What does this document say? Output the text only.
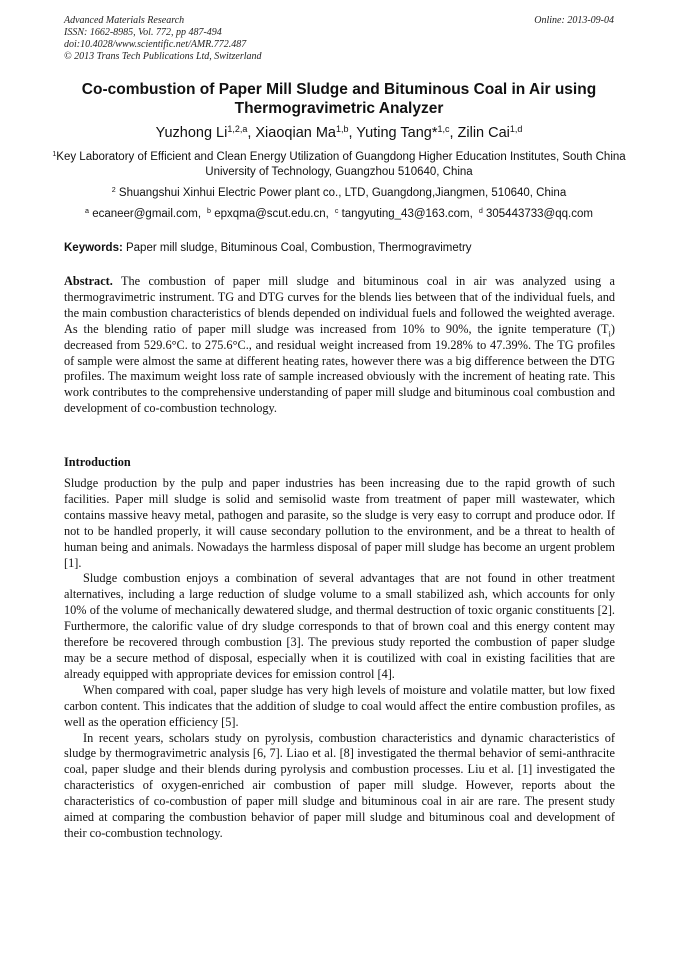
Advanced Materials Research
ISSN: 1662-8985, Vol. 772, pp 487-494
doi:10.4028/www.scientific.net/AMR.772.487
© 2013 Trans Tech Publications Ltd, Switzerland
Online: 2013-09-04
Co-combustion of Paper Mill Sludge and Bituminous Coal in Air using Thermogravimetric Analyzer
Yuzhong Li$^{1,2,a}$, Xiaoqian Ma$^{1,b}$, Yuting Tang*$^{1,c}$, Zilin Cai$^{1,d}$
$^1$Key Laboratory of Efficient and Clean Energy Utilization of Guangdong Higher Education Institutes, South China University of Technology, Guangzhou 510640, China
$^2$ Shuangshui Xinhui Electric Power plant co., LTD, Guangdong,Jiangmen, 510640, China
$^a$ ecaneer@gmail.com, $^b$ epxqma@scut.edu.cn, $^c$ tangyuting_43@163.com, $^d$ 305443733@qq.com
Keywords: Paper mill sludge, Bituminous Coal, Combustion, Thermogravimetry
Abstract. The combustion of paper mill sludge and bituminous coal in air was analyzed using a thermogravimetric instrument. TG and DTG curves for the blends lies between that of the individual fuels, and the main combustion characteristics of blends depended on individual fuels and followed the weighted average. As the blending ratio of paper mill sludge was increased from 10% to 90%, the ignite temperature $(T_i)$ decreased from 529.6°C. to 275.6°C., and residual weight increased from 19.28% to 47.39%. The TG profiles of sample were almost the same at different heating rates, however there was a big difference between the DTG profiles. The maximum weight loss rate of sample increased obviously with the increment of heating rate. This work contributes to the comprehensive understanding of paper mill sludge and bituminous coal combustion and development of co-combustion technology.
Introduction

Sludge production by the pulp and paper industries has been increasing due to the rapid growth of such facilities. Paper mill sludge is solid and semisolid waste from treatment of paper mill wastewater, which contains massive heavy metal, pathogen and parasite, so the sludge is very easy to corrupt and produce odor. If not to be handled properly, it will cause secondary pollution to the environment, and be a threat to health of human being and animals. Nowadays the harmless disposal of paper mill sludge has become an urgent problem [1].

Sludge combustion enjoys a combination of several advantages that are not found in other treatment alternatives, including a large reduction of sludge volume to a small stabilized ash, which accounts for only 10% of the volume of mechanically dewatered sludge, and thermal destruction of toxic organic constituents [2]. Furthermore, the calorific value of dry sludge corresponds to that of brown coal and this energy content may therefore be recovered through combustion [3]. The previous study reported the combustion of paper sludge may be a secure method of disposal, especially when it is coutilized with coal in existing facilities that are already equipped with appropriate devices for emission control [4].

When compared with coal, paper sludge has very high levels of moisture and volatile matter, but low fixed carbon content. This indicates that the addition of sludge to coal would affect the entire combustion profiles, as well as the operation efficiency [5].

In recent years, scholars study on pyrolysis, combustion characteristics and dynamic characteristics of sludge by thermogravimetric analysis [6, 7]. Liao et al. [8] investigated the thermal behavior of semi-anthracite coal, paper sludge and their blends during pyrolysis and combustion processes. Liu et al. [1] investigated the characteristics of oxygen-enriched air combustion of paper mill sludge. However, reports about the characteristics of co-combustion of paper mill sludge and bituminous coal in air are rare. The present study aimed at comparing the combustion behavior of paper mill sludge and bituminous coal and development of their co-combustion technology.
